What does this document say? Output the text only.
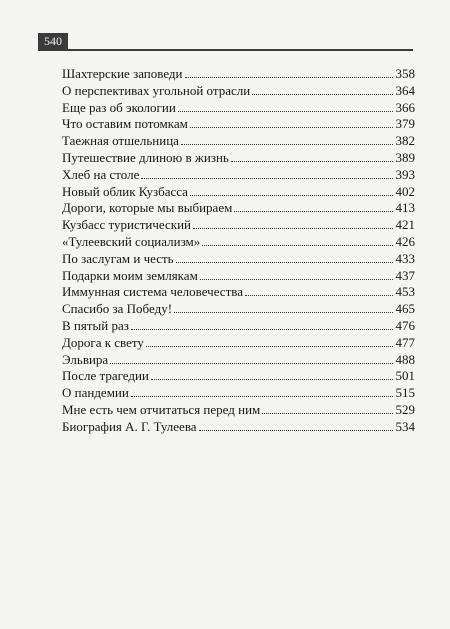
540
Шахтерские заповеди	358
О перспективах угольной отрасли	364
Еще раз об экологии	366
Что оставим потомкам	379
Таежная отшельница	382
Путешествие длиною в жизнь	389
Хлеб на столе	393
Новый облик Кузбасса	402
Дороги, которые мы выбираем	413
Кузбасс туристический	421
«Тулеевский социализм»	426
По заслугам и честь	433
Подарки моим землякам	437
Иммунная система человечества	453
Спасибо за Победу!	465
В пятый раз	476
Дорога к свету	477
Эльвира	488
После трагедии	501
О пандемии	515
Мне есть чем отчитаться перед ним	529
Биография А. Г. Тулеева	534
